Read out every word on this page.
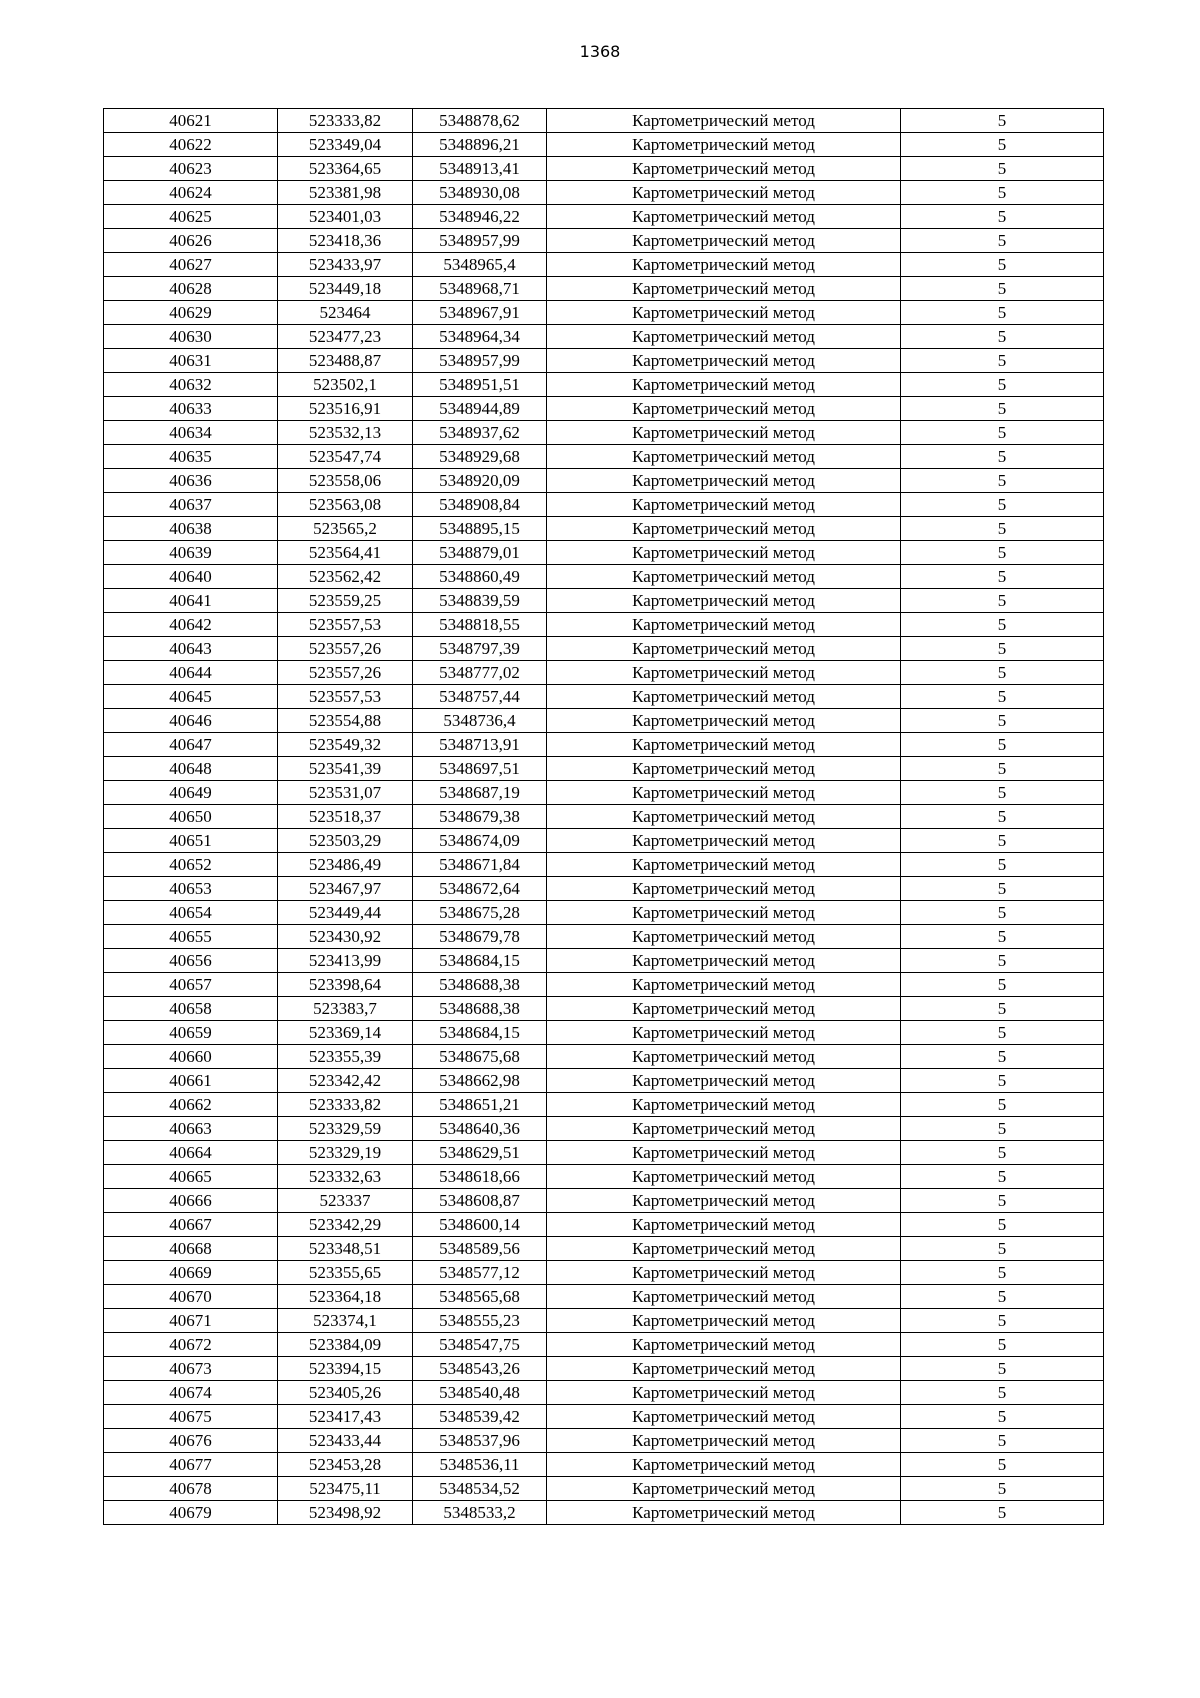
1368
40621	523333,82	5348878,62	Картометрический метод	5
40622	523349,04	5348896,21	Картометрический метод	5
40623	523364,65	5348913,41	Картометрический метод	5
40624	523381,98	5348930,08	Картометрический метод	5
40625	523401,03	5348946,22	Картометрический метод	5
40626	523418,36	5348957,99	Картометрический метод	5
40627	523433,97	5348965,4	Картометрический метод	5
40628	523449,18	5348968,71	Картометрический метод	5
40629	523464	5348967,91	Картометрический метод	5
40630	523477,23	5348964,34	Картометрический метод	5
40631	523488,87	5348957,99	Картометрический метод	5
40632	523502,1	5348951,51	Картометрический метод	5
40633	523516,91	5348944,89	Картометрический метод	5
40634	523532,13	5348937,62	Картометрический метод	5
40635	523547,74	5348929,68	Картометрический метод	5
40636	523558,06	5348920,09	Картометрический метод	5
40637	523563,08	5348908,84	Картометрический метод	5
40638	523565,2	5348895,15	Картометрический метод	5
40639	523564,41	5348879,01	Картометрический метод	5
40640	523562,42	5348860,49	Картометрический метод	5
40641	523559,25	5348839,59	Картометрический метод	5
40642	523557,53	5348818,55	Картометрический метод	5
40643	523557,26	5348797,39	Картометрический метод	5
40644	523557,26	5348777,02	Картометрический метод	5
40645	523557,53	5348757,44	Картометрический метод	5
40646	523554,88	5348736,4	Картометрический метод	5
40647	523549,32	5348713,91	Картометрический метод	5
40648	523541,39	5348697,51	Картометрический метод	5
40649	523531,07	5348687,19	Картометрический метод	5
40650	523518,37	5348679,38	Картометрический метод	5
40651	523503,29	5348674,09	Картометрический метод	5
40652	523486,49	5348671,84	Картометрический метод	5
40653	523467,97	5348672,64	Картометрический метод	5
40654	523449,44	5348675,28	Картометрический метод	5
40655	523430,92	5348679,78	Картометрический метод	5
40656	523413,99	5348684,15	Картометрический метод	5
40657	523398,64	5348688,38	Картометрический метод	5
40658	523383,7	5348688,38	Картометрический метод	5
40659	523369,14	5348684,15	Картометрический метод	5
40660	523355,39	5348675,68	Картометрический метод	5
40661	523342,42	5348662,98	Картометрический метод	5
40662	523333,82	5348651,21	Картометрический метод	5
40663	523329,59	5348640,36	Картометрический метод	5
40664	523329,19	5348629,51	Картометрический метод	5
40665	523332,63	5348618,66	Картометрический метод	5
40666	523337	5348608,87	Картометрический метод	5
40667	523342,29	5348600,14	Картометрический метод	5
40668	523348,51	5348589,56	Картометрический метод	5
40669	523355,65	5348577,12	Картометрический метод	5
40670	523364,18	5348565,68	Картометрический метод	5
40671	523374,1	5348555,23	Картометрический метод	5
40672	523384,09	5348547,75	Картометрический метод	5
40673	523394,15	5348543,26	Картометрический метод	5
40674	523405,26	5348540,48	Картометрический метод	5
40675	523417,43	5348539,42	Картометрический метод	5
40676	523433,44	5348537,96	Картометрический метод	5
40677	523453,28	5348536,11	Картометрический метод	5
40678	523475,11	5348534,52	Картометрический метод	5
40679	523498,92	5348533,2	Картометрический метод	5
